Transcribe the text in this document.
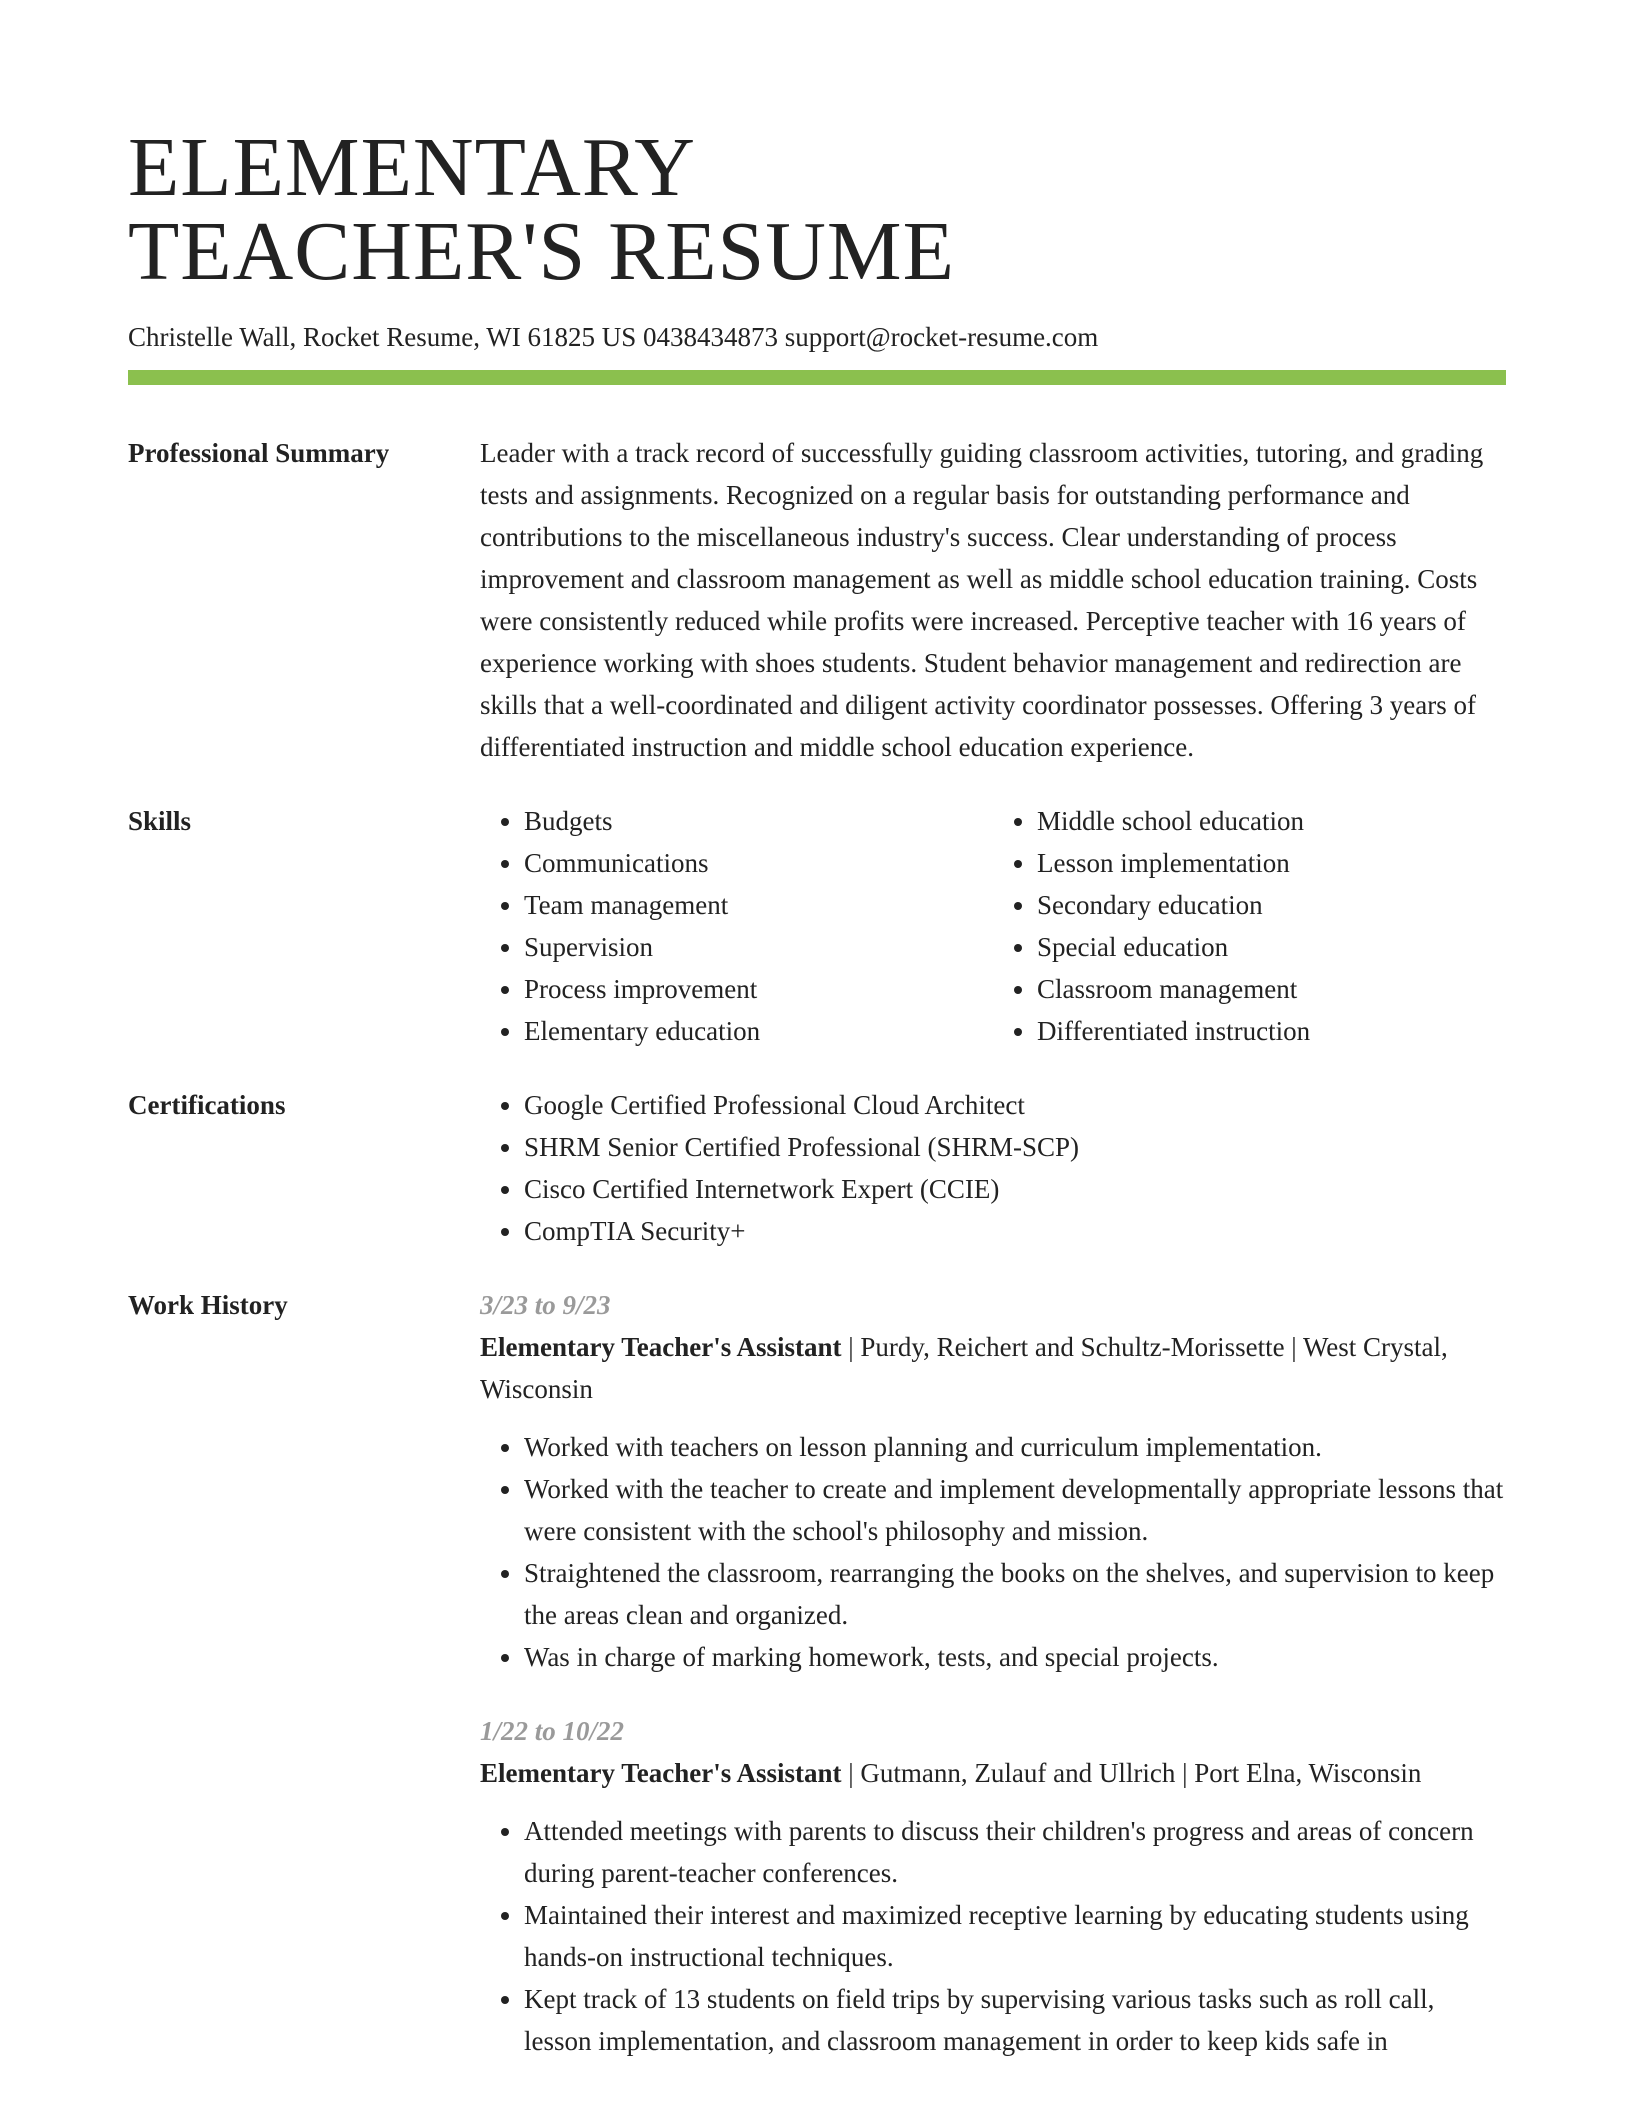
ELEMENTARY
TEACHER'S RESUME
Christelle Wall, Rocket Resume, WI 61825 US 0438434873 support@rocket-resume.com
Professional Summary	Leader with a track record of successfully guiding classroom activities, tutoring, and grading tests and assignments. Recognized on a regular basis for outstanding performance and contributions to the miscellaneous industry's success. Clear understanding of process improvement and classroom management as well as middle school education training. Costs were consistently reduced while profits were increased. Perceptive teacher with 16 years of experience working with shoes students. Student behavior management and redirection are skills that a well-coordinated and diligent activity coordinator possesses. Offering 3 years of differentiated instruction and middle school education experience.

Skills	• Budgets
• Communications
• Team management
• Supervision
• Process improvement
• Elementary education
• Middle school education
• Lesson implementation
• Secondary education
• Special education
• Classroom management
• Differentiated instruction
Certifications	• Google Certified Professional Cloud Architect
• SHRM Senior Certified Professional (SHRM-SCP)
• Cisco Certified Internetwork Expert (CCIE)
• CompTIA Security+
Work History	3/23 to 9/23
Elementary Teacher's Assistant | Purdy, Reichert and Schultz-Morissette | West Crystal, Wisconsin
• Worked with teachers on lesson planning and curriculum implementation.
• Worked with the teacher to create and implement developmentally appropriate lessons that were consistent with the school's philosophy and mission.
• Straightened the classroom, rearranging the books on the shelves, and supervision to keep the areas clean and organized.
• Was in charge of marking homework, tests, and special projects.
1/22 to 10/22
Elementary Teacher's Assistant | Gutmann, Zulauf and Ullrich | Port Elna, Wisconsin
• Attended meetings with parents to discuss their children's progress and areas of concern during parent-teacher conferences.
• Maintained their interest and maximized receptive learning by educating students using hands-on instructional techniques.
• Kept track of 13 students on field trips by supervising various tasks such as roll call, lesson implementation, and classroom management in order to keep kids safe in
